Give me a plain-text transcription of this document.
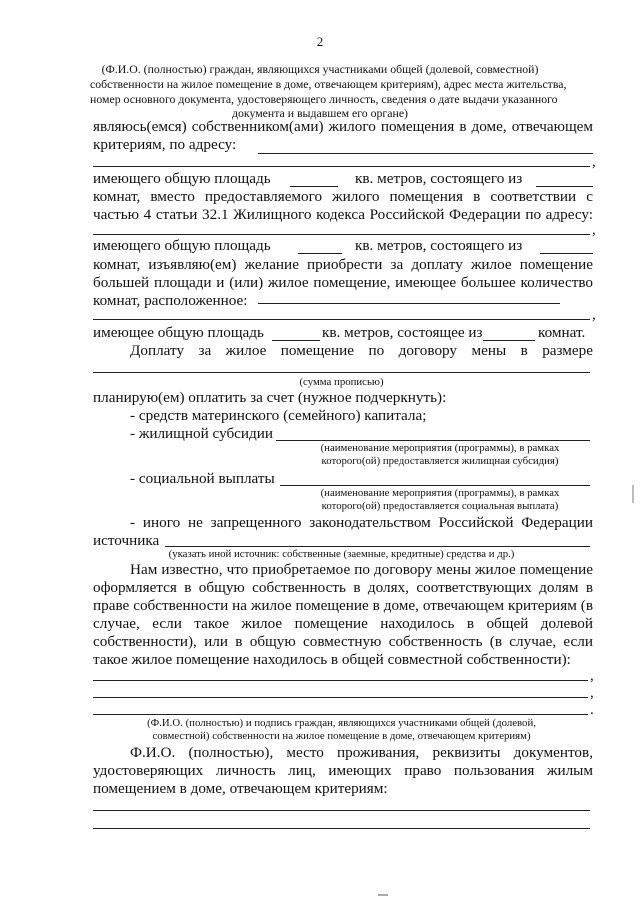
2
(Ф.И.О. (полностью) граждан, являющихся участниками общей (долевой, совместной)
собственности на жилое помещение в доме, отвечающем критериям), адрес места жительства,
номер основного документа, удостоверяющего личность, сведения о дате выдачи указанного
документа и выдавшем его органе)
являюсь(емся) собственником(ами) жилого помещения в доме, отвечающем
критериям, по адресу:
,
имеющего общую площадь	кв. метров, состоящего из
комнат, вместо предоставляемого жилого помещения в соответствии с
частью 4 статьи 32.1 Жилищного кодекса Российской Федерации по адресу:
,
имеющего общую площадь	кв. метров, состоящего из
комнат, изъявляю(ем) желание приобрести за доплату жилое помещение
большей площади и (или) жилое помещение, имеющее большее количество
комнат, расположенное:
,
имеющее общую площадь	кв. метров, состоящее из	комнат.
Доплату за жилое помещение по договору мены в размере
(сумма прописью)
планирую(ем) оплатить за счет (нужное подчеркнуть):
- средств материнского (семейного) капитала;
- жилищной субсидии
(наименование мероприятия (программы), в рамках
которого(ой) предоставляется жилищная субсидия)
- социальной выплаты
(наименование мероприятия (программы), в рамках
которого(ой) предоставляется социальная выплата)
- иного не запрещенного законодательством Российской Федерации
источника
(указать иной источник: собственные (заемные, кредитные) средства и др.)
Нам известно, что приобретаемое по договору мены жилое помещение
оформляется в общую собственность в долях, соответствующих долям в
праве собственности на жилое помещение в доме, отвечающем критериям (в
случае, если такое жилое помещение находилось в общей долевой
собственности), или в общую совместную собственность (в случае, если
такое жилое помещение находилось в общей совместной собственности):
,
,
.
(Ф.И.О. (полностью) и подпись граждан, являющихся участниками общей (долевой,
совместной) собственности на жилое помещение в доме, отвечающем критериям)
Ф.И.О. (полностью), место проживания, реквизиты документов,
удостоверяющих личность лиц, имеющих право пользования жилым
помещением в доме, отвечающем критериям:
